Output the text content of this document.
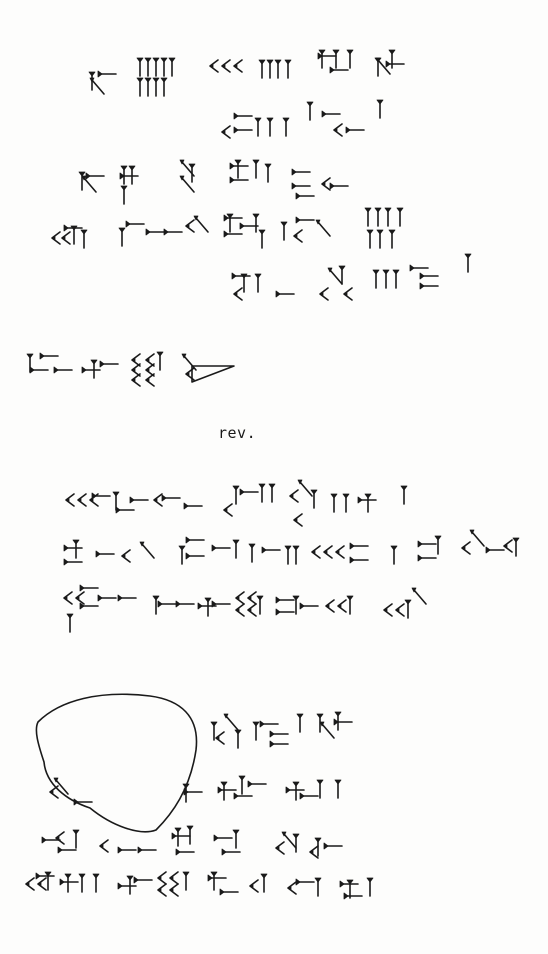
rev.
